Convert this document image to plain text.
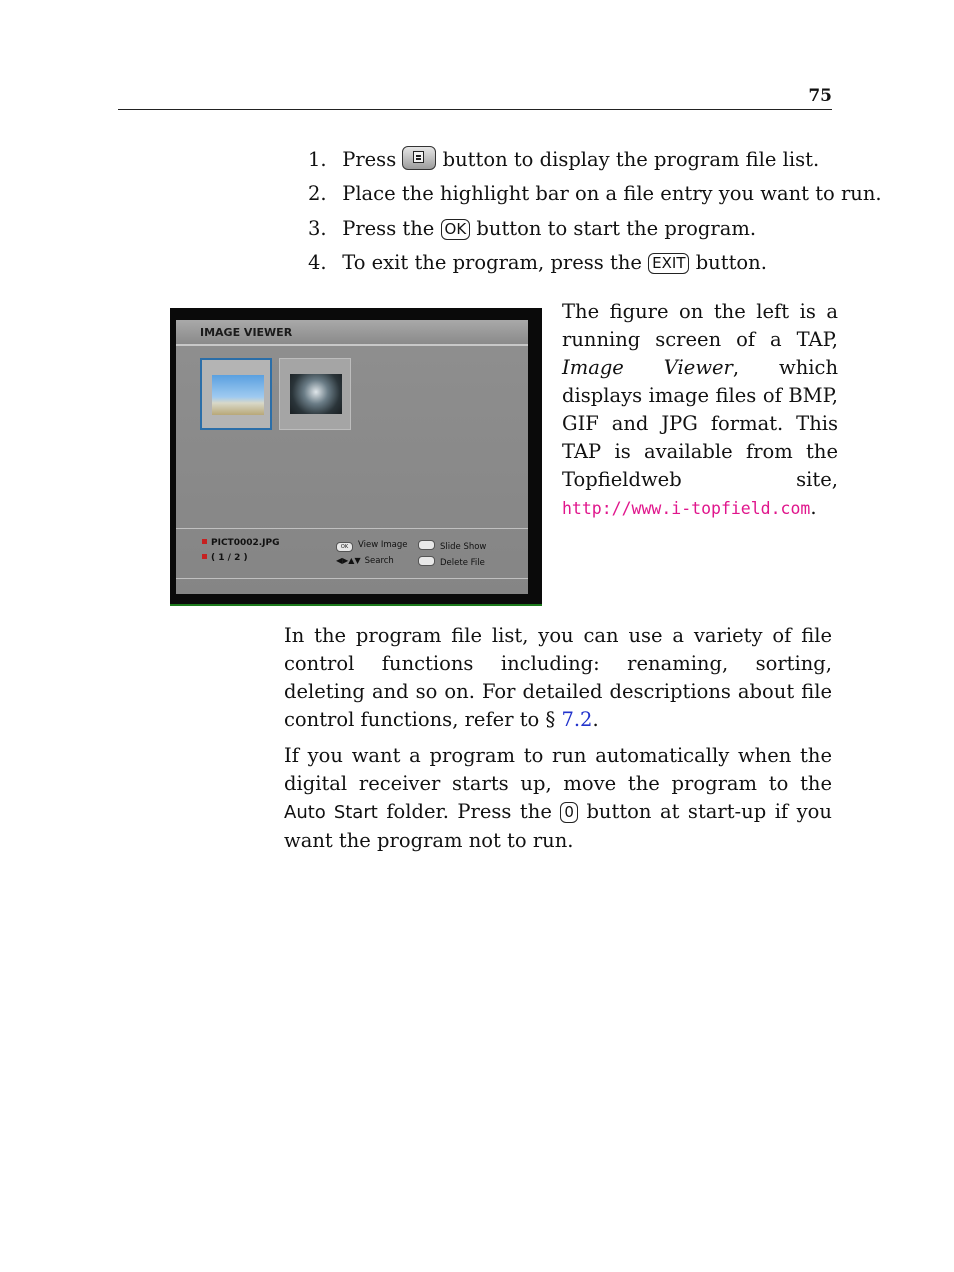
75
1. Press button to display the program file list.
2. Place the highlight bar on a file entry you want to run.
3. Press the OK button to start the program.
4. To exit the program, press the EXIT button.
IMAGE VIEWER
PICT0002.JPG
( 1 / 2 )
OK View Image	Slide Show
◀▶▲▼ Search	Delete File
The figure on the left is a running screen of a TAP, Image Viewer, which displays image files of BMP, GIF and JPG format. This TAP is available from the Topfieldweb site, http://www.i-topfield.com.

In the program file list, you can use a variety of file control functions including: renaming, sorting, deleting and so on. For detailed descriptions about file control functions, refer to § 7.2.

If you want a program to run automatically when the digital receiver starts up, move the program to the Auto Start folder. Press the 0 button at start-up if you want the program not to run.
